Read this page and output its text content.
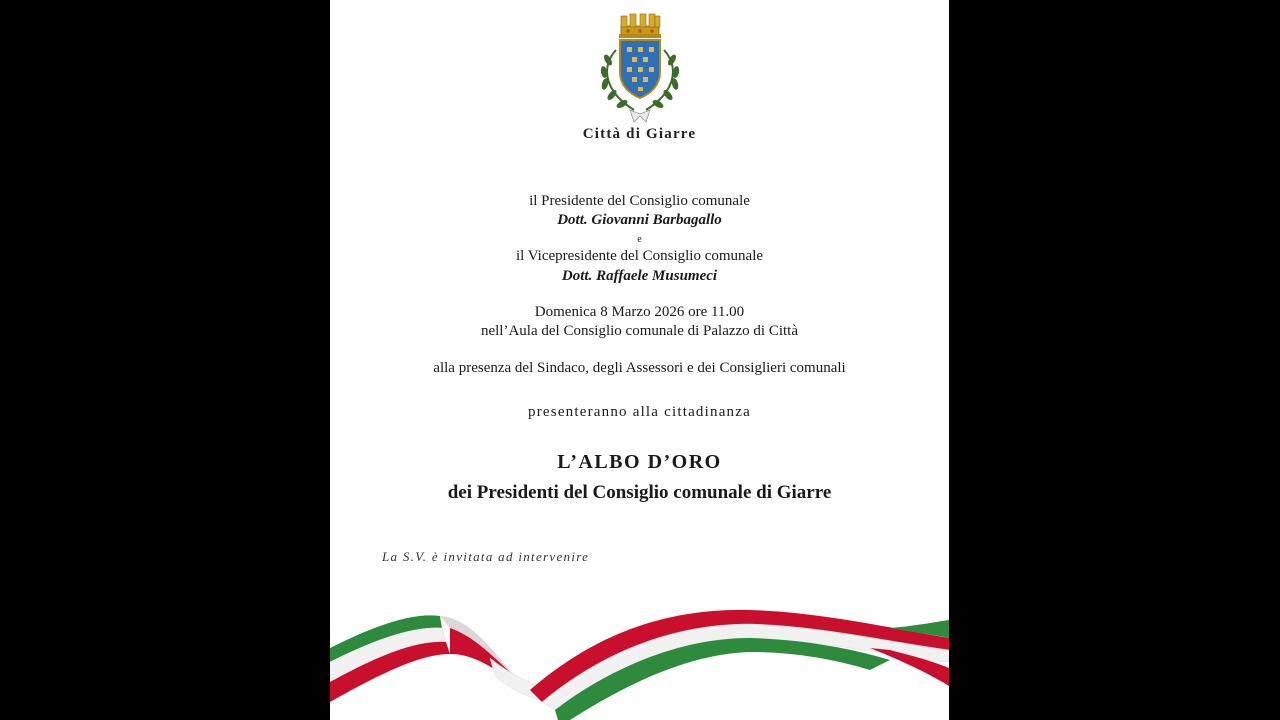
Città di Giarre
il Presidente del Consiglio comunale
Dott. Giovanni Barbagallo
e
il Vicepresidente del Consiglio comunale
Dott. Raffaele Musumeci
Domenica 8 Marzo 2026 ore 11.00
nell’Aula del Consiglio comunale di Palazzo di Città
alla presenza del Sindaco, degli Assessori e dei Consiglieri comunali
presenteranno alla cittadinanza
L’ALBO D’ORO
dei Presidenti del Consiglio comunale di Giarre
La S.V. è invitata ad intervenire
